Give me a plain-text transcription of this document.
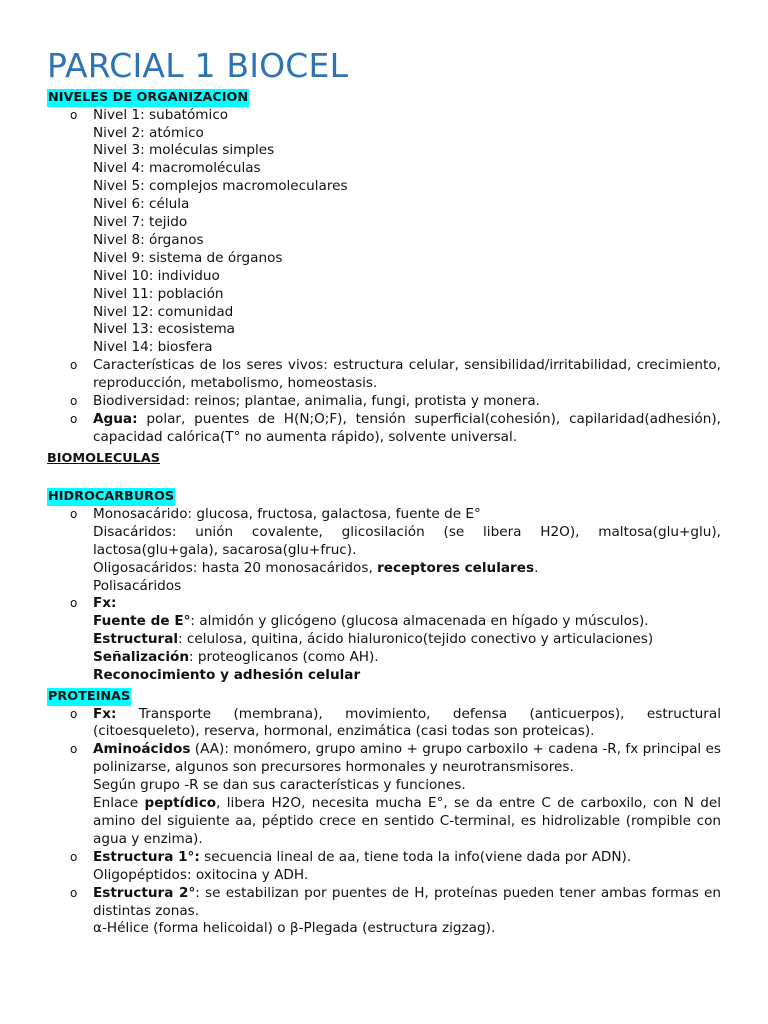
PARCIAL 1 BIOCEL
NIVELES DE ORGANIZACION
o Nivel 1: subatómico
Nivel 2: atómico
Nivel 3: moléculas simples
Nivel 4: macromoléculas
Nivel 5: complejos macromoleculares
Nivel 6: célula
Nivel 7: tejido
Nivel 8: órganos
Nivel 9: sistema de órganos
Nivel 10: individuo
Nivel 11: población
Nivel 12: comunidad
Nivel 13: ecosistema
Nivel 14: biosfera
o Características de los seres vivos: estructura celular, sensibilidad/irritabilidad, crecimiento, reproducción, metabolismo, homeostasis.
o Biodiversidad: reinos; plantae, animalia, fungi, protista y monera.
o Agua: polar, puentes de H(N;O;F), tensión superficial(cohesión), capilaridad(adhesión), capacidad calórica(T° no aumenta rápido), solvente universal.
BIOMOLECULAS
HIDROCARBUROS
o Monosacárido: glucosa, fructosa, galactosa, fuente de E°
Disacáridos: unión covalente, glicosilación (se libera H2O), maltosa(glu+glu), lactosa(glu+gala), sacarosa(glu+fruc).
Oligosacáridos: hasta 20 monosacáridos, receptores celulares.
Polisacáridos
o Fx:
Fuente de E°: almidón y glicógeno (glucosa almacenada en hígado y músculos).
Estructural: celulosa, quitina, ácido hialuronico(tejido conectivo y articulaciones)
Señalización: proteoglicanos (como AH).
Reconocimiento y adhesión celular
PROTEINAS
o Fx: Transporte (membrana), movimiento, defensa (anticuerpos), estructural (citoesqueleto), reserva, hormonal, enzimática (casi todas son proteicas).
o Aminoácidos (AA): monómero, grupo amino + grupo carboxilo + cadena -R, fx principal es polinizarse, algunos son precursores hormonales y neurotransmisores.
Según grupo -R se dan sus características y funciones.
Enlace peptídico, libera H2O, necesita mucha E°, se da entre C de carboxilo, con N del amino del siguiente aa, péptido crece en sentido C-terminal, es hidrolizable (rompible con agua y enzima).
o Estructura 1°: secuencia lineal de aa, tiene toda la info(viene dada por ADN).
Oligopéptidos: oxitocina y ADH.
o Estructura 2°: se estabilizan por puentes de H, proteínas pueden tener ambas formas en distintas zonas.
α-Hélice (forma helicoidal) o β-Plegada (estructura zigzag).
